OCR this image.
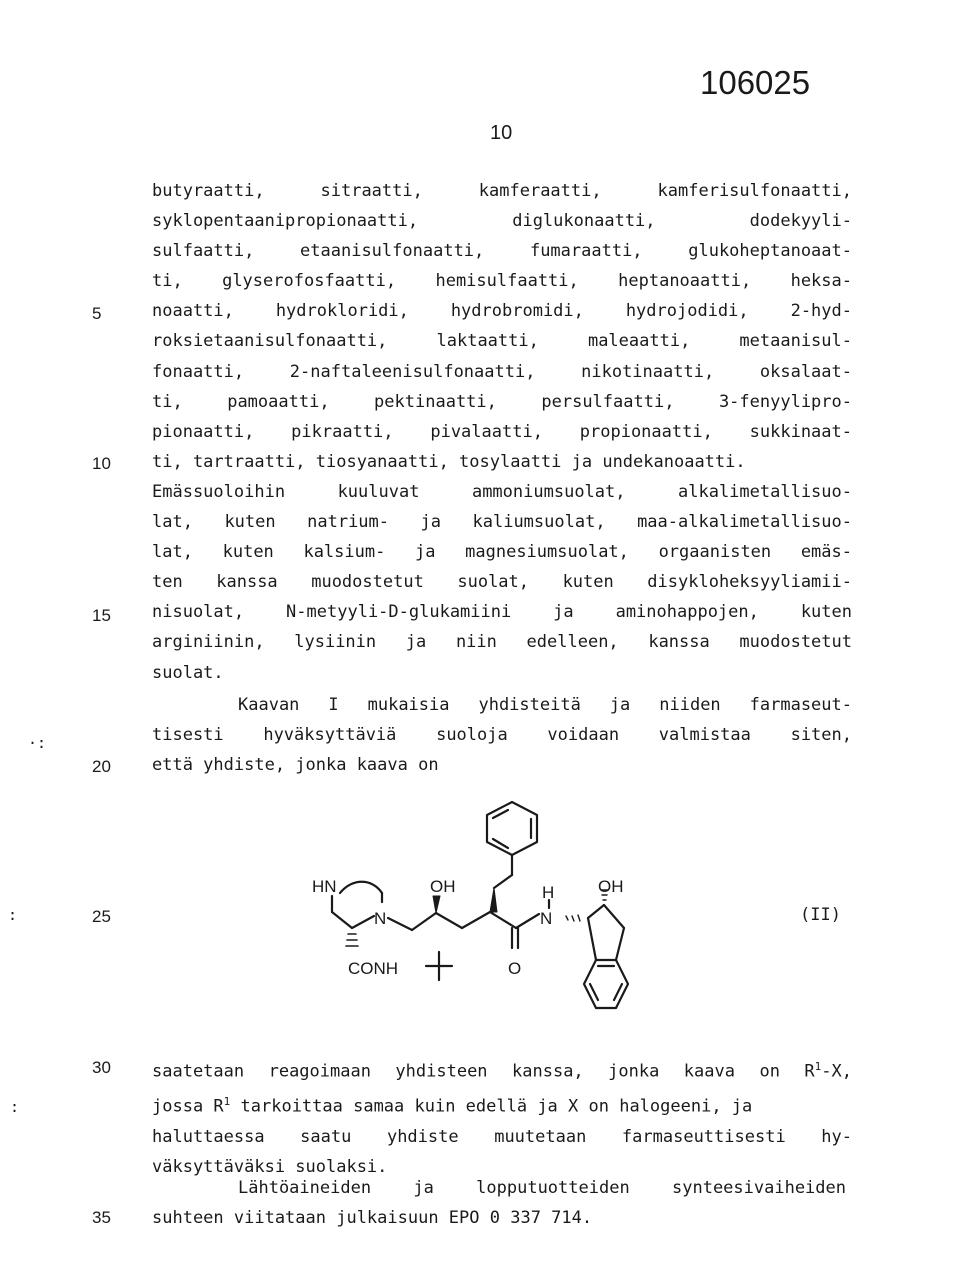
106025
10
5
10
15
20
25
30
35
·:
:
:
butyraatti, sitraatti, kamferaatti, kamferisulfonaatti,
syklopentaanipropionaatti, diglukonaatti, dodekyyli-
sulfaatti, etaanisulfonaatti, fumaraatti, glukoheptanoaat-
ti, glyserofosfaatti, hemisulfaatti, heptanoaatti, heksa-
noaatti, hydrokloridi, hydrobromidi, hydrojodidi, 2-hyd-
roksietaanisulfonaatti, laktaatti, maleaatti, metaanisul-
fonaatti, 2-naftaleenisulfonaatti, nikotinaatti, oksalaat-
ti, pamoaatti, pektinaatti, persulfaatti, 3-fenyylipro-
pionaatti, pikraatti, pivalaatti, propionaatti, sukkinaat-
ti, tartraatti, tiosyanaatti, tosylaatti ja undekanoaatti.
Emässuoloihin kuuluvat ammoniumsuolat, alkalimetallisuo-
lat, kuten natrium- ja kaliumsuolat, maa-alkalimetallisuo-
lat, kuten kalsium- ja magnesiumsuolat, orgaanisten emäs-
ten kanssa muodostetut suolat, kuten disykloheksyyliamii-
nisuolat, N-metyyli-D-glukamiini ja aminohappojen, kuten
arginiinin, lysiinin ja niin edelleen, kanssa muodostetut
suolat.
Kaavan I mukaisia yhdisteitä ja niiden farmaseut-
tisesti hyväksyttäviä suoloja voidaan valmistaa siten,
että yhdiste, jonka kaava on
HN
N
OH
CONH	O
H
N
OH
(II)
saatetaan reagoimaan yhdisteen kanssa, jonka kaava on $R^1-X$,
jossa $R^1$ tarkoittaa samaa kuin edellä ja X on halogeeni, ja
haluttaessa saatu yhdiste muutetaan farmaseuttisesti hy-
väksyttäväksi suolaksi.
Lähtöaineiden ja lopputuotteiden synteesivaiheiden
suhteen viitataan julkaisuun EPO 0 337 714.
